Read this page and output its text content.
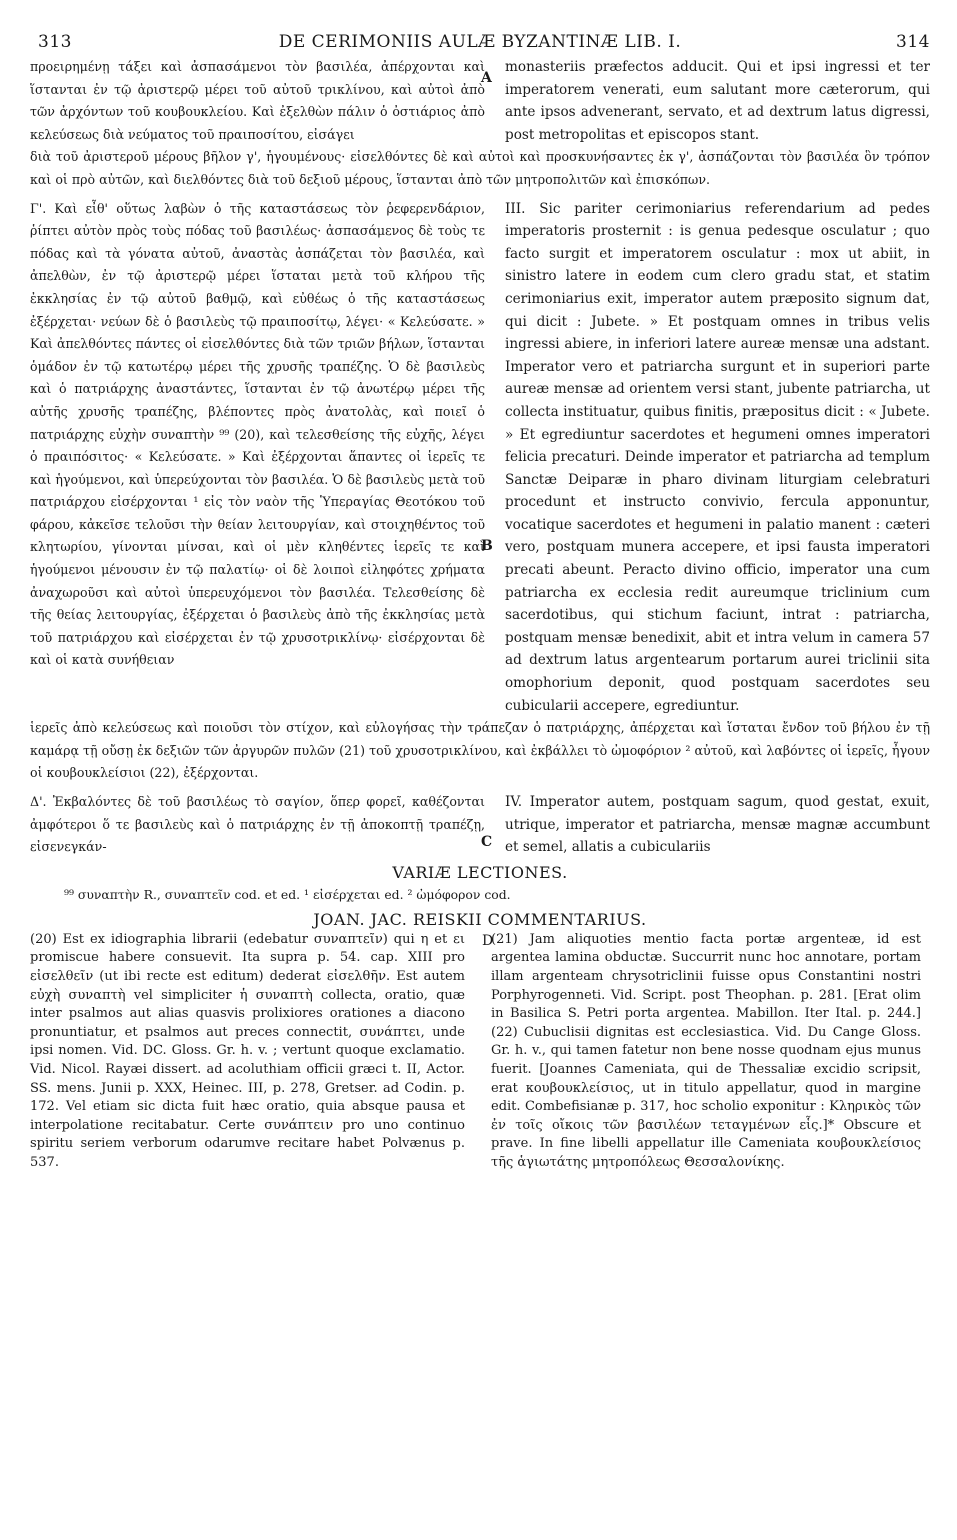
313	DE CERIMONIIS AULÆ BYZANTINÆ LIB. I.	314

προειρημένῃ τάξει καὶ ἀσπασάμενοι τὸν βασιλέα, ἀπέρχονται καὶ ἵστανται ἐν τῷ ἀριστερῷ μέρει τοῦ αὐτοῦ τρικλίνου, καὶ αὐτοὶ ἀπὸ τῶν ἀρχόντων τοῦ κουβουκλείου. Καὶ ἐξελθὼν πάλιν ὁ ὀστιάριος ἀπὸ κελεύσεως διὰ νεύματος τοῦ πραιποσίτου, εἰσάγει

A

monasteriis præfectos adducit. Qui et ipsi ingressi et ter imperatorem venerati, eum salutant more cæterorum, qui ante ipsos advenerant, servato, et ad dextrum latus digressi, post metropolitas et episcopos stant.

διὰ τοῦ ἀριστεροῦ μέρους βῆλον γ', ἡγουμένους· εἰσελθόντες δὲ καὶ αὐτοὶ καὶ προσκυνήσαντες ἐκ γ', ἀσπάζονται τὸν βασιλέα ὃν τρόπον καὶ οἱ πρὸ αὐτῶν, καὶ διελθόντες διὰ τοῦ δεξιοῦ μέρους, ἵστανται ἀπὸ τῶν μητροπολιτῶν καὶ ἐπισκόπων.

Γ'. Καὶ εἶθ' οὕτως λαβὼν ὁ τῆς καταστάσεως τὸν ῥεφερενδάριον, ῥίπτει αὐτὸν πρὸς τοὺς πόδας τοῦ βασιλέως· ἀσπασάμενος δὲ τοὺς τε πόδας καὶ τὰ γόνατα αὐτοῦ, ἀναστὰς ἀσπάζεται τὸν βασιλέα, καὶ ἀπελθὼν, ἐν τῷ ἀριστερῷ μέρει ἵσταται μετὰ τοῦ κλήρου τῆς ἐκκλησίας ἐν τῷ αὐτοῦ βαθμῷ, καὶ εὐθέως ὁ τῆς καταστάσεως ἐξέρχεται· νεύων δὲ ὁ βασιλεὺς τῷ πραιποσίτῳ, λέγει· « Κελεύσατε. » Καὶ ἀπελθόντες πάντες οἱ εἰσελθόντες διὰ τῶν τριῶν βήλων, ἵστανται ὁμάδον ἐν τῷ κατωτέρῳ μέρει τῆς χρυσῆς τραπέζης. Ὁ δὲ βασιλεὺς καὶ ὁ πατριάρχης ἀναστάντες, ἵστανται ἐν τῷ ἀνωτέρῳ μέρει τῆς αὐτῆς χρυσῆς τραπέζης, βλέποντες πρὸς ἀνατολὰς, καὶ ποιεῖ ὁ πατριάρχης εὐχὴν συναπτὴν ⁹⁹ (20), καὶ τελεσθείσης τῆς εὐχῆς, λέγει ὁ πραιπόσιτος· « Κελεύσατε. » Καὶ ἐξέρχονται ἅπαντες οἱ ἱερεῖς τε καὶ ἡγούμενοι, καὶ ὑπερεύχονται τὸν βασιλέα. Ὁ δὲ βασιλεὺς μετὰ τοῦ πατριάρχου εἰσέρχονται ¹ εἰς τὸν ναὸν τῆς Ὑπεραγίας Θεοτόκου τοῦ φάρου, κἀκεῖσε τελοῦσι τὴν θείαν λειτουργίαν, καὶ στοιχηθέντος τοῦ κλητωρίου, γίνονται μίνσαι, καὶ οἱ μὲν κληθέντες ἱερεῖς τε καὶ ἡγούμενοι μένουσιν ἐν τῷ παλατίῳ· οἱ δὲ λοιποὶ εἰληφότες χρήματα ἀναχωροῦσι καὶ αὐτοὶ ὑπερευχόμενοι τὸν βασιλέα. Τελεσθείσης δὲ τῆς θείας λειτουργίας, ἐξέρχεται ὁ βασιλεὺς ἀπὸ τῆς ἐκκλησίας μετὰ τοῦ πατριάρχου καὶ εἰσέρχεται ἐν τῷ χρυσοτρικλίνῳ· εἰσέρχονται δὲ καὶ οἱ κατὰ συνήθειαν

B
C

III. Sic pariter cerimoniarius referendarium ad pedes imperatoris prosternit : is genua pedesque osculatur ; quo facto surgit et imperatorem osculatur : mox ut abiit, in sinistro latere in eodem cum clero gradu stat, et statim cerimoniarius exit, imperator autem præposito signum dat, qui dicit : Jubete. » Et postquam omnes in tribus velis ingressi abiere, in inferiori latere aureæ mensæ una adstant. Imperator vero et patriarcha surgunt et in superiori parte aureæ mensæ ad orientem versi stant, jubente patriarcha, ut collecta instituatur, quibus finitis, præpositus dicit : « Jubete. » Et egrediuntur sacerdotes et hegumeni omnes imperatori felicia precaturi. Deinde imperator et patriarcha ad templum Sanctæ Deiparæ in pharo divinam liturgiam celebraturi procedunt et instructo convivio, fercula apponuntur, vocatique sacerdotes et hegumeni in palatio manent : cæteri vero, postquam munera accepere, et ipsi fausta imperatori precati abeunt. Peracto divino officio, imperator una cum patriarcha ex ecclesia redit aureumque triclinium cum sacerdotibus, qui stichum faciunt, intrat : patriarcha, postquam mensæ benedixit, abit et intra velum in camera 57 ad dextrum latus argentearum portarum aurei triclinii sita omophorium deponit, quod postquam sacerdotes seu cubicularii accepere, egrediuntur.

ἱερεῖς ἀπὸ κελεύσεως καὶ ποιοῦσι τὸν στίχον, καὶ εὐλογήσας τὴν τράπεζαν ὁ πατριάρχης, ἀπέρχεται καὶ ἵσταται ἔνδον τοῦ βήλου ἐν τῇ καμάρᾳ τῇ οὔσῃ ἐκ δεξιῶν τῶν ἀργυρῶν πυλῶν (21) τοῦ χρυσοτρικλίνου, καὶ ἐκβάλλει τὸ ὠμοφόριον ² αὐτοῦ, καὶ λαβόντες οἱ ἱερεῖς, ἦγουν οἱ κουβουκλείσιοι (22), ἐξέρχονται.

Δ'. Ἐκβαλόντες δὲ τοῦ βασιλέως τὸ σαγίον, ὅπερ φορεῖ, καθέζονται ἀμφότεροι ὅ τε βασιλεὺς καὶ ὁ πατριάρχης ἐν τῇ ἀποκοπτῇ τραπέζῃ, εἰσενεγκάν-

IV. Imperator autem, postquam sagum, quod gestat, exuit, utrique, imperator et patriarcha, mensæ magnæ accumbunt et semel, allatis a cubiculariis

VARIÆ LECTIONES.

⁹⁹ συναπτὴν R., συναπτεῖν cod. et ed. ¹ εἰσέρχεται ed. ² ὠμόφορον cod.

JOAN. JAC. REISKII COMMENTARIUS.

(20) Est ex idiographia librarii (edebatur συναπτεῖν) qui η et ει promiscue habere consuevit. Ita supra p. 54. cap. XIII pro εἰσελθεῖν (ut ibi recte est editum) dederat εἰσελθῆν. Est autem εὐχὴ συναπτὴ vel simpliciter ἡ συναπτὴ collecta, oratio, quæ inter psalmos aut alias quasvis prolixiores orationes a diacono pronuntiatur, et psalmos aut preces connectit, συνάπτει, unde ipsi nomen. Vid. DC. Gloss. Gr. h. v. ; vertunt quoque exclamatio. Vid. Nicol. Rayæi dissert. ad acoluthiam officii græci t. II, Actor. SS. mens. Junii p. XXX, Heinec. III, p. 278, Gretser. ad Codin. p. 172. Vel etiam sic dicta fuit hæc oratio, quia absque pausa et interpolatione recitabatur. Certe συνάπτειν pro uno continuo spiritu seriem verborum odarumve recitare habet Polvænus p. 537.

D

(21) Jam aliquoties mentio facta portæ argenteæ, id est argentea lamina obductæ. Succurrit nunc hoc annotare, portam illam argenteam chrysotriclinii fuisse opus Constantini nostri Porphyrogenneti. Vid. Script. post Theophan. p. 281. [Erat olim in Basilica S. Petri porta argentea. Mabillon. Iter Ital. p. 244.] (22) Cubuclisii dignitas est ecclesiastica. Vid. Du Cange Gloss. Gr. h. v., qui tamen fatetur non bene nosse quodnam ejus munus fuerit. [Joannes Cameniata, qui de Thessaliæ excidio scripsit, erat κουβουκλείσιος, ut in titulo appellatur, quod in margine edit. Combefisianæ p. 317, hoc scholio exponitur : Κληρικὸς τῶν ἐν τοῖς οἴκοις τῶν βασιλέων τεταγμένων εἷς.]* Obscure et prave. In fine libelli appellatur ille Cameniata κουβουκλείσιος τῆς ἁγιωτάτης μητροπόλεως Θεσσαλονίκης.
